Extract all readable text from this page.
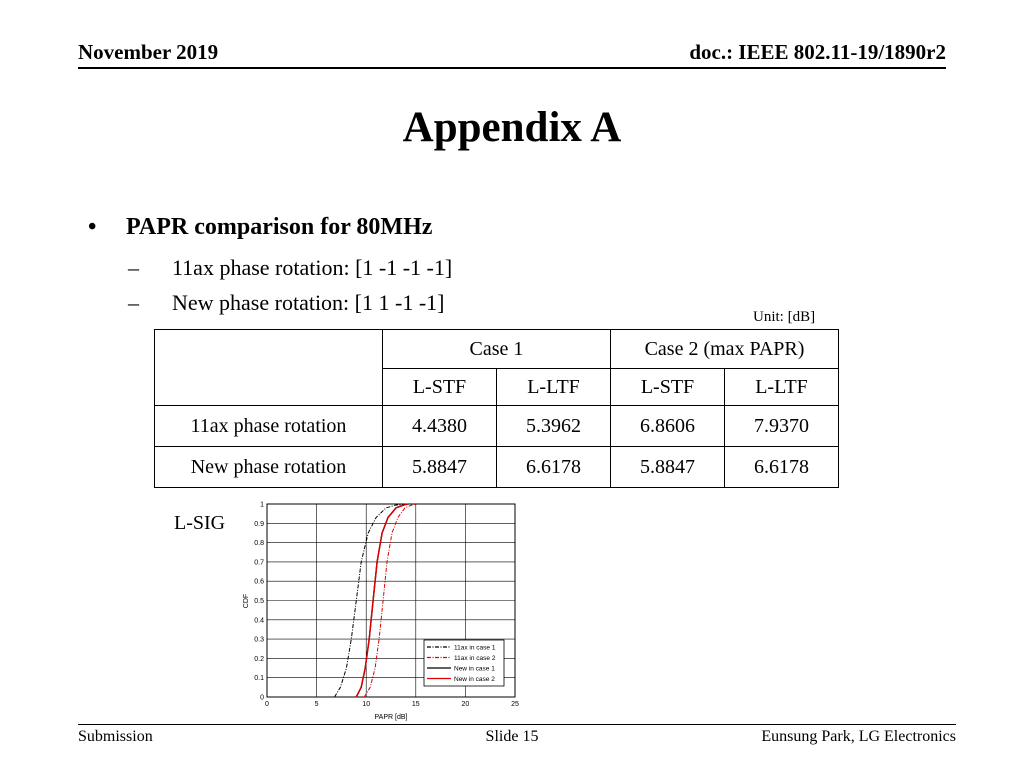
November 2019	doc.: IEEE 802.11-19/1890r2
Appendix A
• PAPR comparison for 80MHz
– 11ax phase rotation: [1 -1 -1 -1]
– New phase rotation: [1 1 -1 -1]
Unit: [dB]
	Case 1		Case 2 (max PAPR)	
	L-STF	L-LTF	L-STF	L-LTF
11ax phase rotation	4.4380	5.3962	6.8606	7.9370
New phase rotation	5.8847	6.6178	5.8847	6.6178
L-SIG
0	5	10	15	20	25
0
0.1
0.2
0.3
0.4
0.5
0.6
0.7
0.8
0.9
1
PAPR [dB]
CDF
11ax in case 1
11ax in case 2
New in case 1
New in case 2
Submission	Slide 15	Eunsung Park, LG Electronics
